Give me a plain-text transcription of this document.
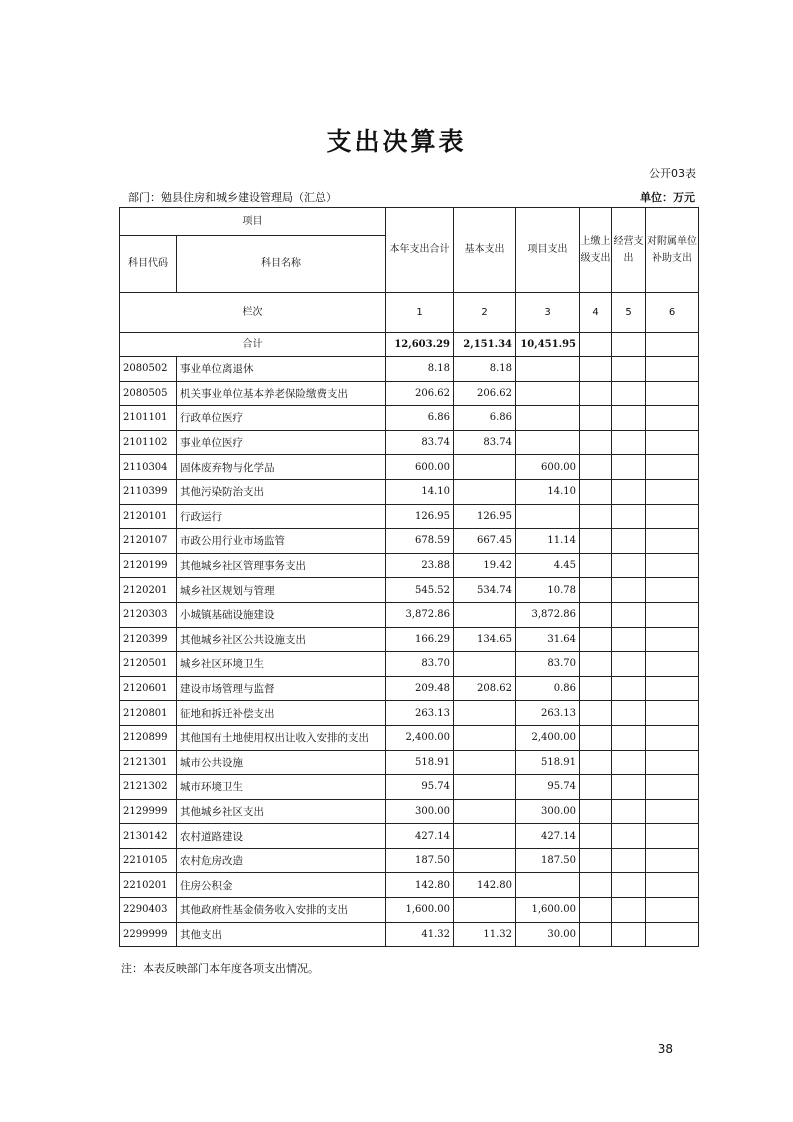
支出决算表
公开03表
部门：勉县住房和城乡建设管理局（汇总）	单位：万元
项目		本年支出合计	基本支出	项目支出	上缴上级支出	经营支出	对附属单位补助支出
科目代码	科目名称						
栏次		1	2	3	4	5	6
合计		12,603.29	2,151.34	10,451.95			
2080502	事业单位离退休	8.18	8.18				
2080505	机关事业单位基本养老保险缴费支出	206.62	206.62				
2101101	行政单位医疗	6.86	6.86				
2101102	事业单位医疗	83.74	83.74				
2110304	固体废弃物与化学品	600.00		600.00			
2110399	其他污染防治支出	14.10		14.10			
2120101	行政运行	126.95	126.95				
2120107	市政公用行业市场监管	678.59	667.45	11.14			
2120199	其他城乡社区管理事务支出	23.88	19.42	4.45			
2120201	城乡社区规划与管理	545.52	534.74	10.78			
2120303	小城镇基础设施建设	3,872.86		3,872.86			
2120399	其他城乡社区公共设施支出	166.29	134.65	31.64			
2120501	城乡社区环境卫生	83.70		83.70			
2120601	建设市场管理与监督	209.48	208.62	0.86			
2120801	征地和拆迁补偿支出	263.13		263.13			
2120899	其他国有土地使用权出让收入安排的支出	2,400.00		2,400.00			
2121301	城市公共设施	518.91		518.91			
2121302	城市环境卫生	95.74		95.74			
2129999	其他城乡社区支出	300.00		300.00			
2130142	农村道路建设	427.14		427.14			
2210105	农村危房改造	187.50		187.50			
2210201	住房公积金	142.80	142.80				
2290403	其他政府性基金债务收入安排的支出	1,600.00		1,600.00			
2299999	其他支出	41.32	11.32	30.00			
注：本表反映部门本年度各项支出情况。
38
